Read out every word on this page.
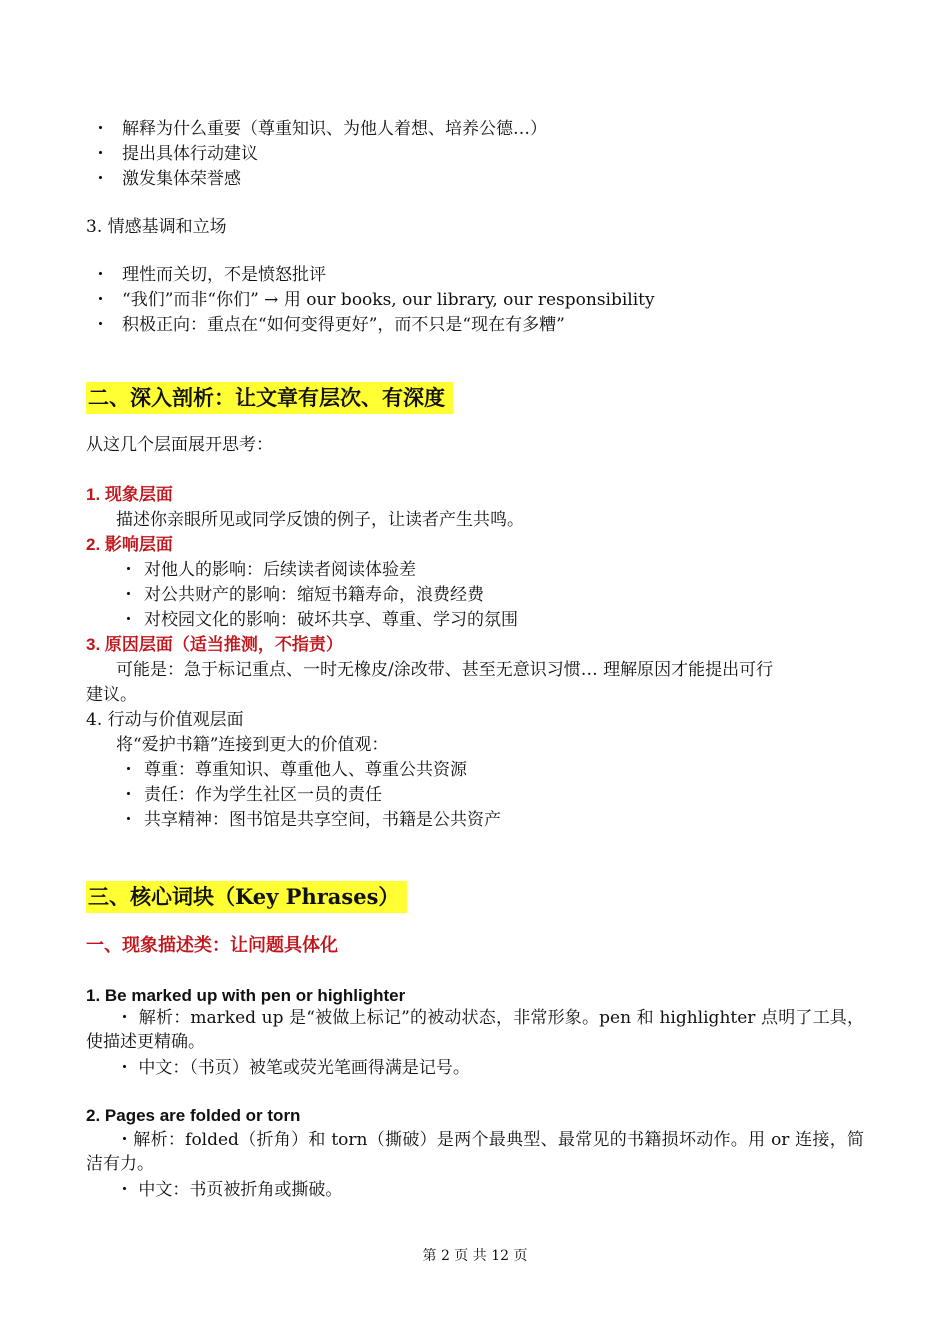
・ 解释为什么重要（尊重知识、为他人着想、培养公德…）
・ 提出具体行动建议
・ 激发集体荣誉感
3. 情感基调和立场
・ 理性而关切，不是愤怒批评
・ “我们”而非“你们” → 用 our books, our library, our responsibility
・ 积极正向：重点在“如何变得更好”，而不只是“现在有多糟”
二、深入剖析：让文章有层次、有深度
从这几个层面展开思考：
1. 现象层面
描述你亲眼所见或同学反馈的例子，让读者产生共鸣。
2. 影响层面
・ 对他人的影响：后续读者阅读体验差
・ 对公共财产的影响：缩短书籍寿命，浪费经费
・ 对校园文化的影响：破坏共享、尊重、学习的氛围
3. 原因层面（适当推测，不指责）
可能是：急于标记重点、一时无橡皮/涂改带、甚至无意识习惯… 理解原因才能提出可行
建议。
4. 行动与价值观层面
将“爱护书籍”连接到更大的价值观：
・ 尊重：尊重知识、尊重他人、尊重公共资源
・ 责任：作为学生社区一员的责任
・ 共享精神：图书馆是共享空间，书籍是公共资产
三、核心词块（Key Phrases）
一、现象描述类：让问题具体化
1. Be marked up with pen or highlighter
・ 解析：marked up 是“被做上标记”的被动状态，非常形象。pen 和 highlighter 点明了工具，使描述更精确。
・ 中文：（书页）被笔或荧光笔画得满是记号。
2. Pages are folded or torn
・解析：folded（折角）和 torn（撕破）是两个最典型、最常见的书籍损坏动作。用 or 连接，简洁有力。
・ 中文：书页被折角或撕破。
第 2 页 共 12 页
